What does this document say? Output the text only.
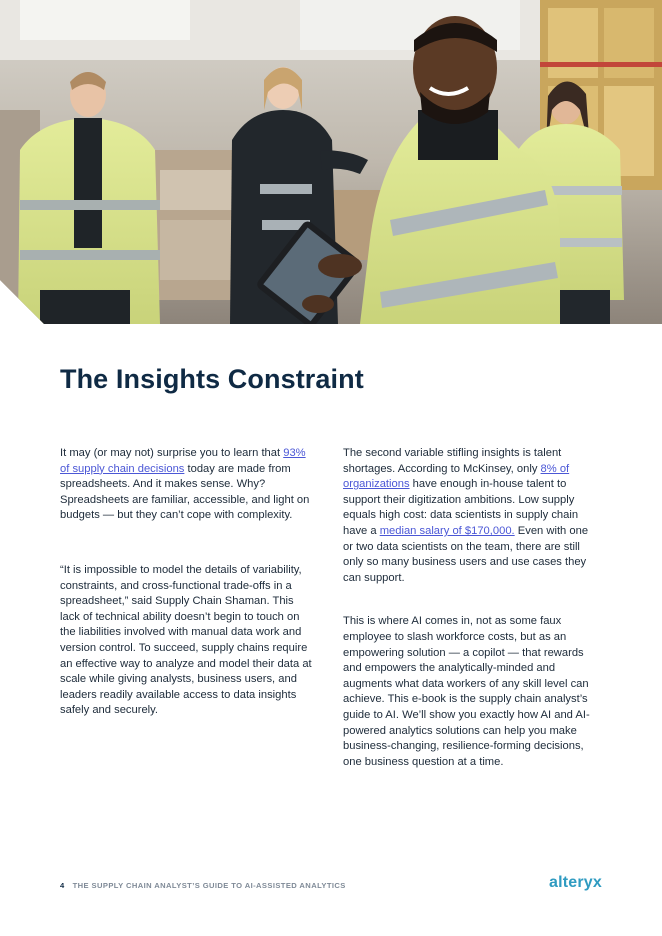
The Insights Constraint

It may (or may not) surprise you to learn that 93% of supply chain decisions today are made from spreadsheets. And it makes sense. Why? Spreadsheets are familiar, accessible, and light on budgets — but they can’t cope with complexity.

“It is impossible to model the details of variability, constraints, and cross-functional trade-offs in a spreadsheet,” said Supply Chain Shaman. This lack of technical ability doesn’t begin to touch on the liabilities involved with manual data work and version control. To succeed, supply chains require an effective way to analyze and model their data at scale while giving analysts, business users, and leaders readily available access to data insights safely and securely.

The second variable stifling insights is talent shortages. According to McKinsey, only 8% of organizations have enough in-house talent to support their digitization ambitions. Low supply equals high cost: data scientists in supply chain have a median salary of $170,000. Even with one or two data scientists on the team, there are still only so many business users and use cases they can support.

This is where AI comes in, not as some faux employee to slash workforce costs, but as an empowering solution — a copilot — that rewards and empowers the analytically-minded and augments what data workers of any skill level can achieve. This e-book is the supply chain analyst’s guide to AI. We’ll show you exactly how AI and AI-powered analytics solutions can help you make business-changing, resilience-forming decisions, one business question at a time.

4 THE SUPPLY CHAIN ANALYST’S GUIDE TO AI-ASSISTED ANALYTICS	alteryx
